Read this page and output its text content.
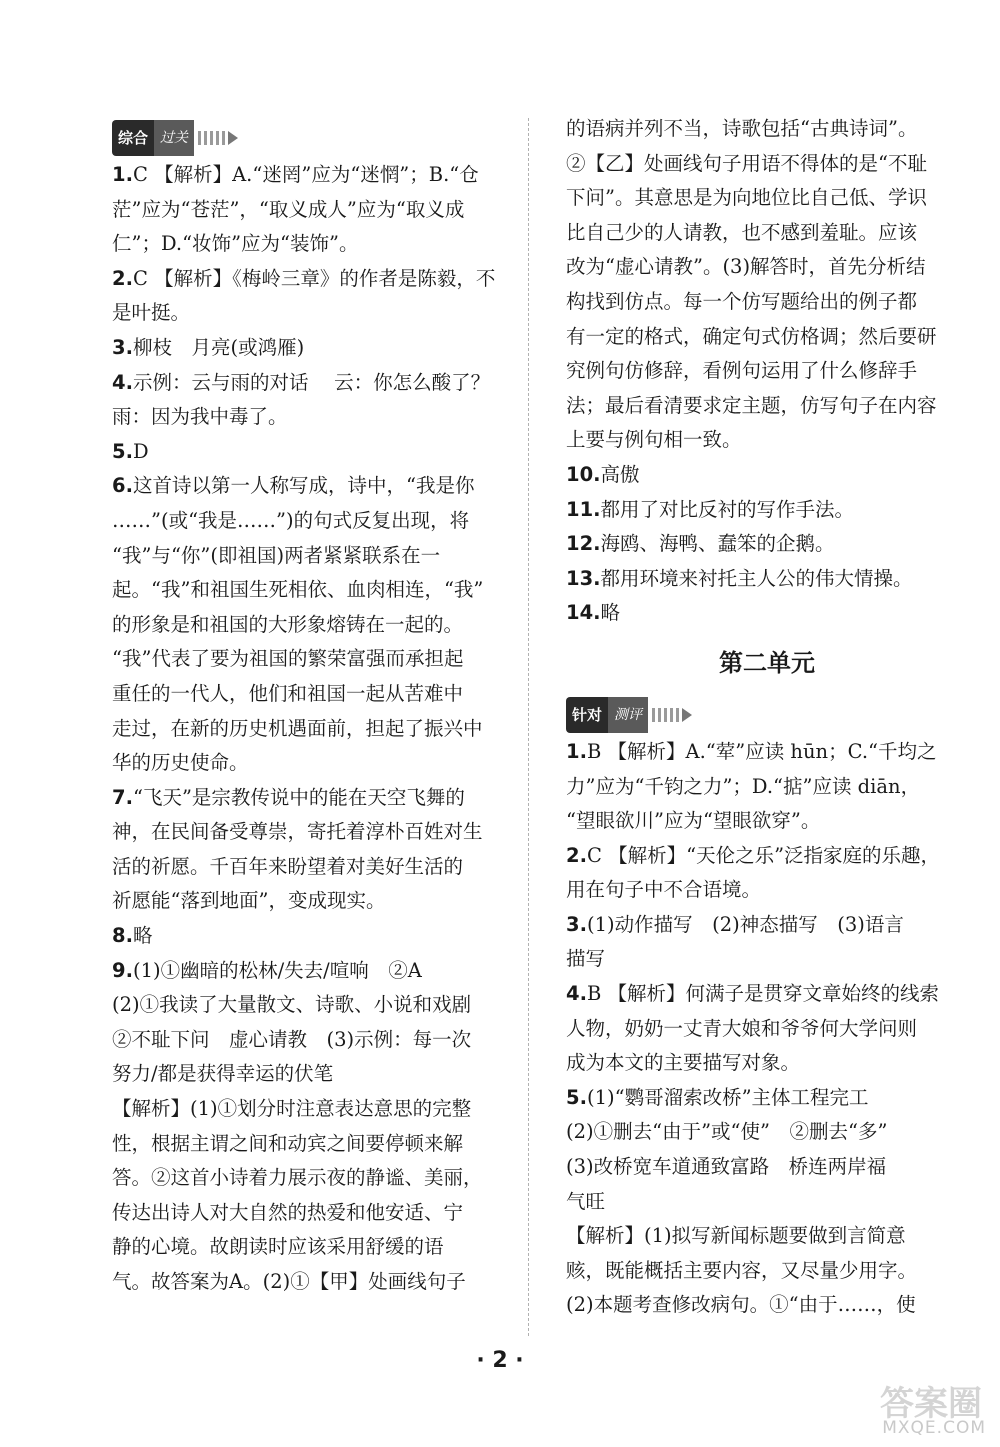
综合 过关
1.C 【解析】A.“迷罔”应为“迷惘”；B.“仓
茫”应为“苍茫”，“取义成人”应为“取义成
仁”；D.“妆饰”应为“装饰”。
2.C 【解析】《梅岭三章》的作者是陈毅，不
是叶挺。
3.柳枝　月亮(或鸿雁)
4.示例：云与雨的对话　 云：你怎么酸了？
雨：因为我中毒了。
5.D
6.这首诗以第一人称写成，诗中，“我是你
……”(或“我是……”)的句式反复出现，将
“我”与“你”(即祖国)两者紧紧联系在一
起。“我”和祖国生死相依、血肉相连，“我”
的形象是和祖国的大形象熔铸在一起的。
“我”代表了要为祖国的繁荣富强而承担起
重任的一代人，他们和祖国一起从苦难中
走过，在新的历史机遇面前，担起了振兴中
华的历史使命。
7.“飞天”是宗教传说中的能在天空飞舞的
神，在民间备受尊崇，寄托着淳朴百姓对生
活的祈愿。千百年来盼望着对美好生活的
祈愿能“落到地面”，变成现实。
8.略
9.(1)①幽暗的松林/失去/喧响　②A
(2)①我读了大量散文、诗歌、小说和戏剧
②不耻下问　虚心请教　(3)示例：每一次
努力/都是获得幸运的伏笔
【解析】(1)①划分时注意表达意思的完整
性，根据主谓之间和动宾之间要停顿来解
答。②这首小诗着力展示夜的静谧、美丽，
传达出诗人对大自然的热爱和他安适、宁
静的心境。故朗读时应该采用舒缓的语
气。故答案为A。(2)①【甲】处画线句子
的语病并列不当，诗歌包括“古典诗词”。
②【乙】处画线句子用语不得体的是“不耻
下问”。其意思是为向地位比自己低、学识
比自己少的人请教，也不感到羞耻。应该
改为“虚心请教”。(3)解答时，首先分析结
构找到仿点。每一个仿写题给出的例子都
有一定的格式，确定句式仿格调；然后要研
究例句仿修辞，看例句运用了什么修辞手
法；最后看清要求定主题，仿写句子在内容
上要与例句相一致。
10.高傲
11.都用了对比反衬的写作手法。
12.海鸥、海鸭、蠢笨的企鹅。
13.都用环境来衬托主人公的伟大情操。
14.略
第二单元
针对 测评
1.B 【解析】A.“荤”应读 hūn；C.“千均之
力”应为“千钧之力”；D.“掂”应读 diān，
“望眼欲川”应为“望眼欲穿”。
2.C 【解析】“天伦之乐”泛指家庭的乐趣，
用在句子中不合语境。
3.(1)动作描写　(2)神态描写　(3)语言
描写
4.B 【解析】何满子是贯穿文章始终的线索
人物，奶奶一丈青大娘和爷爷何大学问则
成为本文的主要描写对象。
5.(1)“鹦哥溜索改桥”主体工程完工
(2)①删去“由于”或“使”　②删去“多”
(3)改桥宽车道通致富路　桥连两岸福
气旺
【解析】(1)拟写新闻标题要做到言简意
赅，既能概括主要内容，又尽量少用字。
(2)本题考查修改病句。①“由于……，使
· 2 ·
答案圈
MXQE.COM
